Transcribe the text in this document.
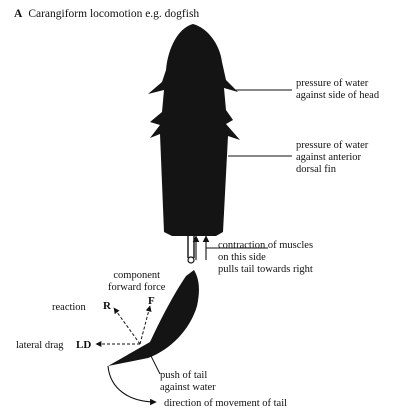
A Carangiform locomotion e.g. dogfish
pressure of water
against side of head
pressure of water
against anterior
dorsal fin
contraction of muscles
on this side
pulls tail towards right
component
forward force
reaction R	F
lateral drag LD
push of tail
against water
direction of movement of tail
